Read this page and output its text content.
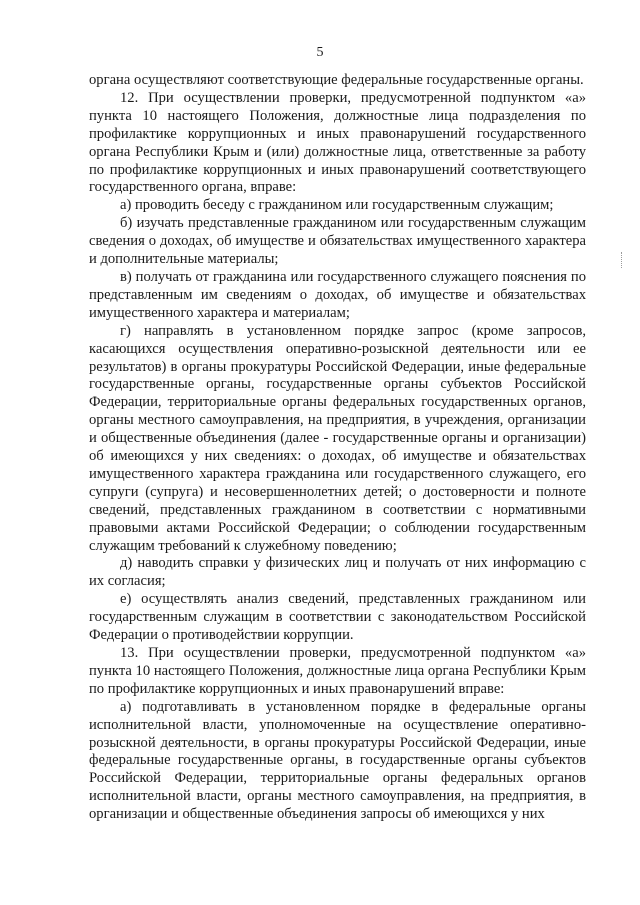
5

органа осуществляют соответствующие федеральные государственные органы.

12. При осуществлении проверки, предусмотренной подпунктом «а» пункта 10 настоящего Положения, должностные лица подразделения по профилактике коррупционных и иных правонарушений государственного органа Республики Крым и (или) должностные лица, ответственные за работу по профилактике коррупционных и иных правонарушений соответствующего государственного органа, вправе:

а) проводить беседу с гражданином или государственным служащим;

б) изучать представленные гражданином или государственным служащим сведения о доходах, об имуществе и обязательствах имущественного характера и дополнительные материалы;

в) получать от гражданина или государственного служащего пояснения по представленным им сведениям о доходах, об имуществе и обязательствах имущественного характера и материалам;

г) направлять в установленном порядке запрос (кроме запросов, касающихся осуществления оперативно-розыскной деятельности или ее результатов) в органы прокуратуры Российской Федерации, иные федеральные государственные органы, государственные органы субъектов Российской Федерации, территориальные органы федеральных государственных органов, органы местного самоуправления, на предприятия, в учреждения, организации и общественные объединения (далее - государственные органы и организации) об имеющихся у них сведениях: о доходах, об имуществе и обязательствах имущественного характера гражданина или государственного служащего, его супруги (супруга) и несовершеннолетних детей; о достоверности и полноте сведений, представленных гражданином в соответствии с нормативными правовыми актами Российской Федерации; о соблюдении государственным служащим требований к служебному поведению;

д) наводить справки у физических лиц и получать от них информацию с их согласия;

е) осуществлять анализ сведений, представленных гражданином или государственным служащим в соответствии с законодательством Российской Федерации о противодействии коррупции.

13. При осуществлении проверки, предусмотренной подпунктом «а» пункта 10 настоящего Положения, должностные лица органа Республики Крым по профилактике коррупционных и иных правонарушений вправе:

а) подготавливать в установленном порядке в федеральные органы исполнительной власти, уполномоченные на осуществление оперативно-розыскной деятельности, в органы прокуратуры Российской Федерации, иные федеральные государственные органы, в государственные органы субъектов Российской Федерации, территориальные органы федеральных органов исполнительной власти, органы местного самоуправления, на предприятия, в организации и общественные объединения запросы об имеющихся у них
